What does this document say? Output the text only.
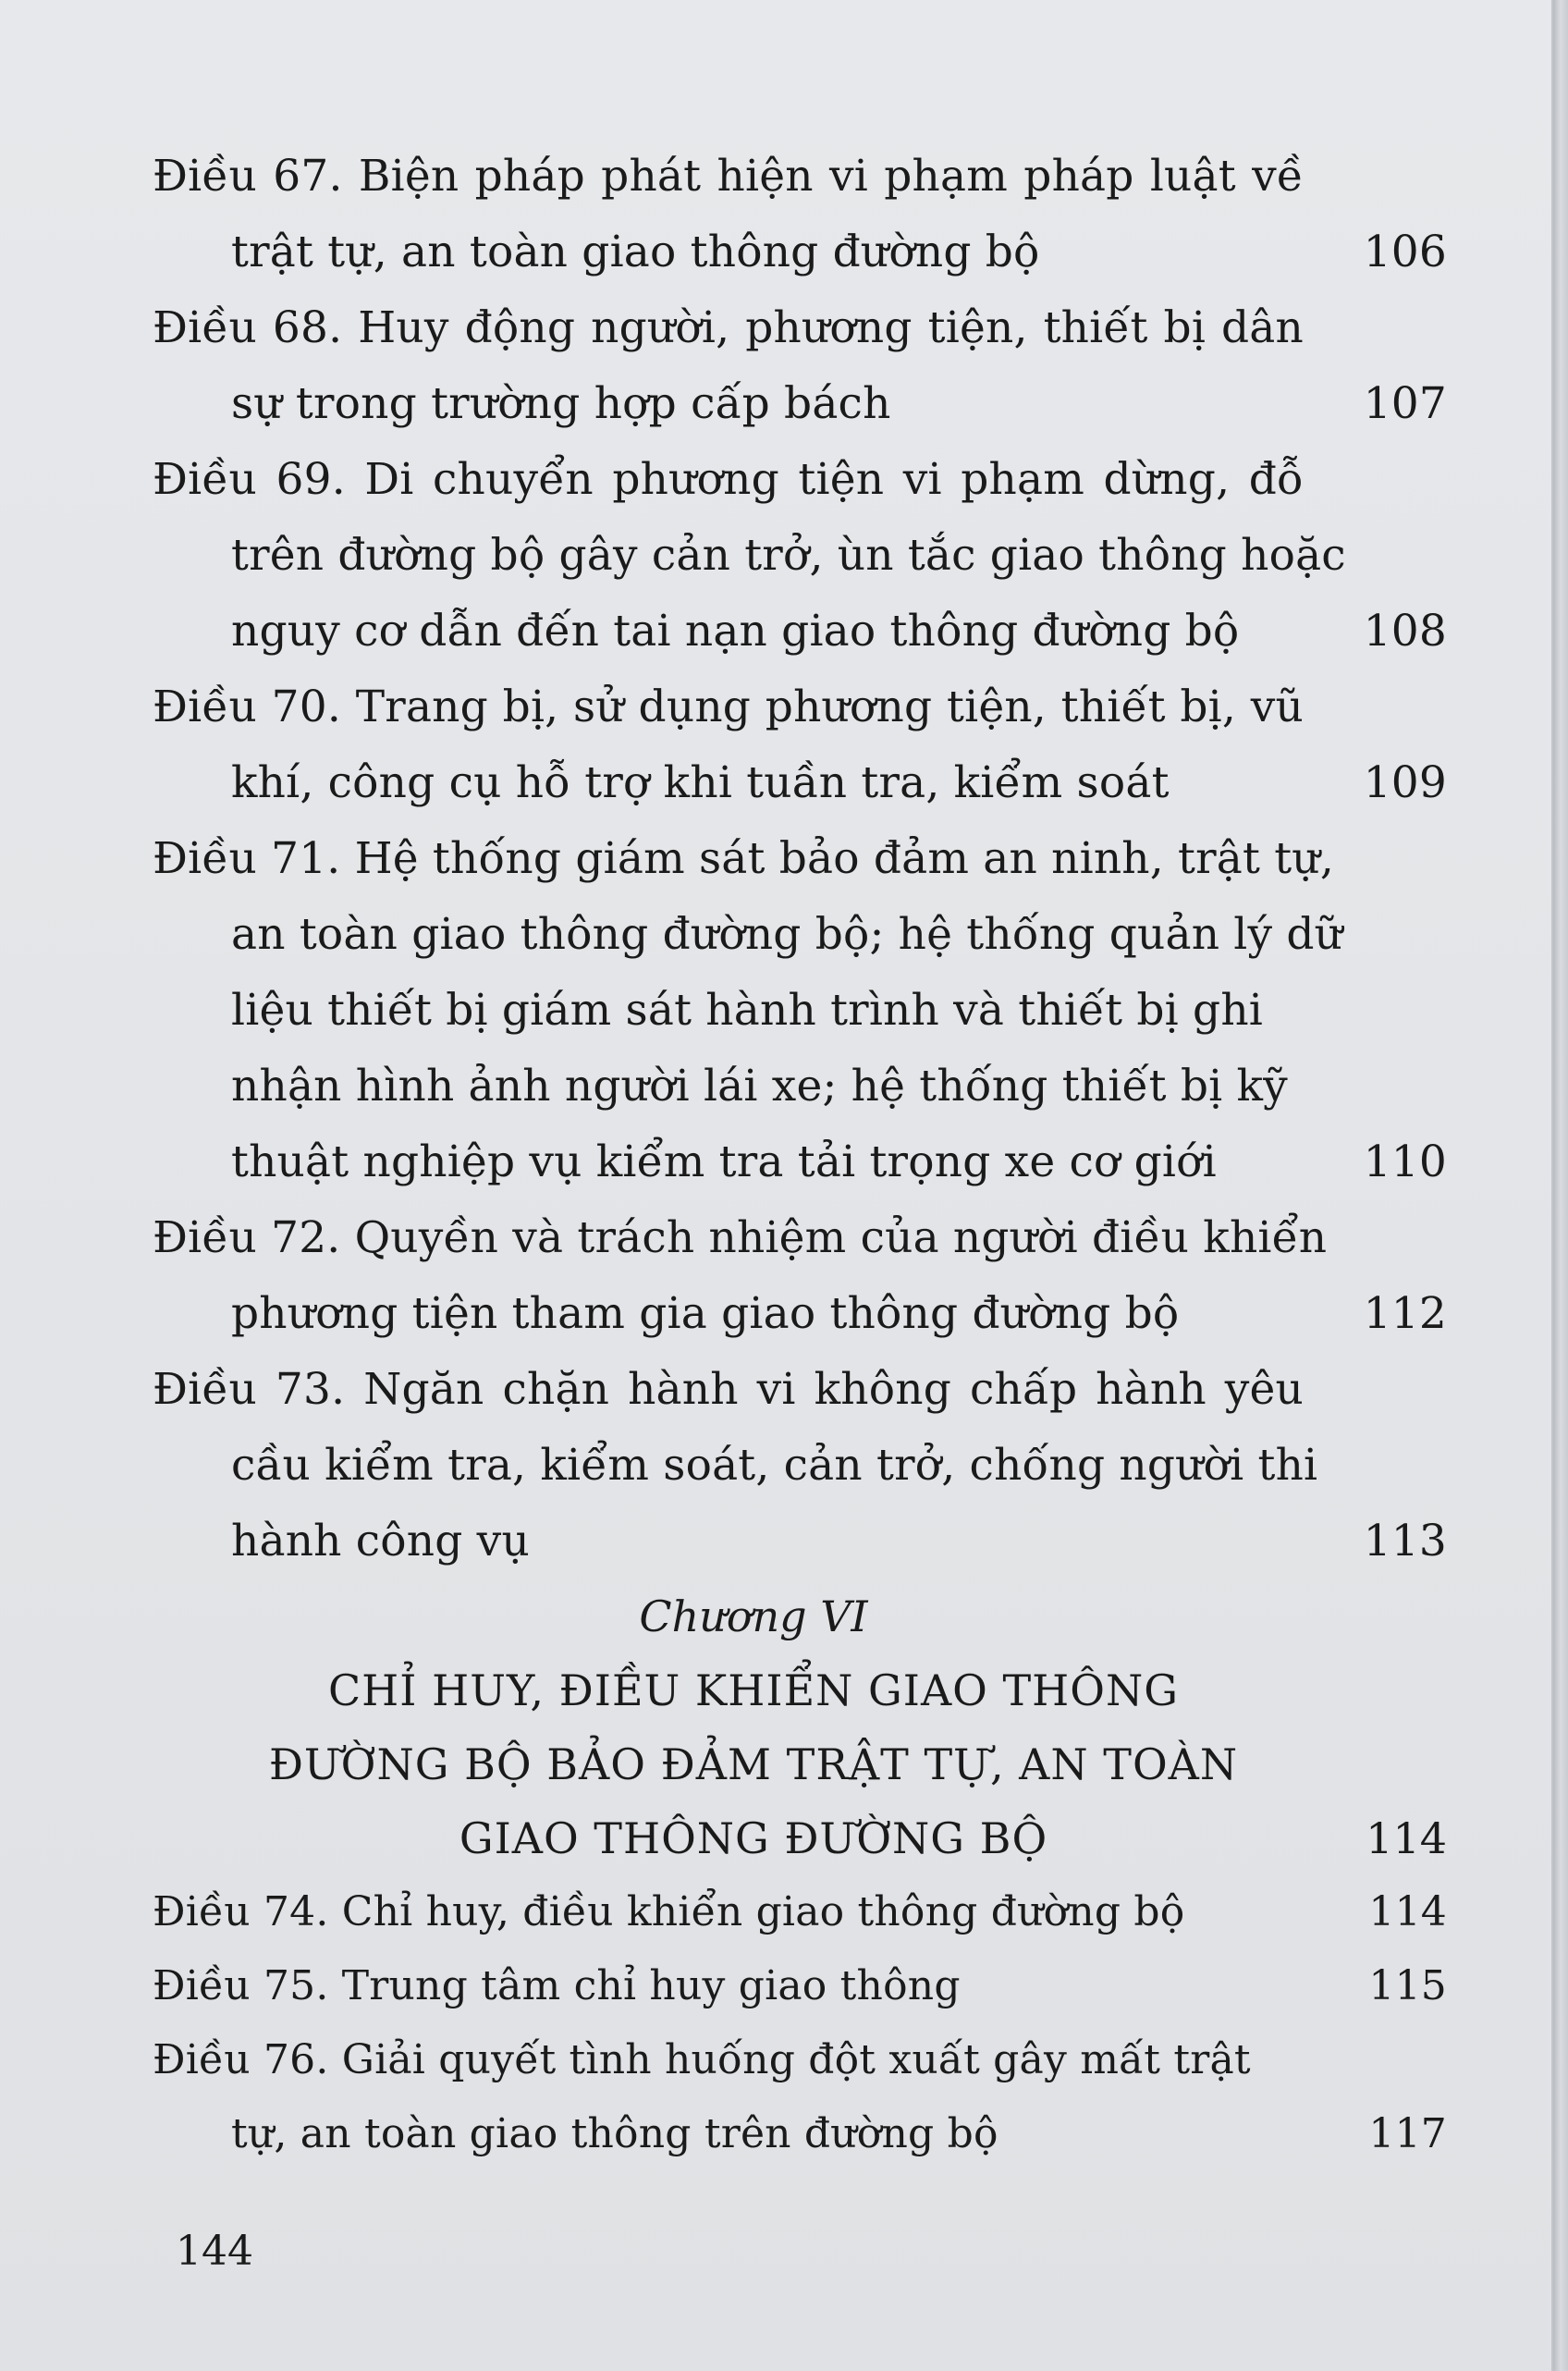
Điều 67. Biện pháp phát hiện vi phạm pháp luật về
trật tự, an toàn giao thông đường bộ	106
Điều 68. Huy động người, phương tiện, thiết bị dân
sự trong trường hợp cấp bách	107
Điều 69. Di chuyển phương tiện vi phạm dừng, đỗ
trên đường bộ gây cản trở, ùn tắc giao thông hoặc
nguy cơ dẫn đến tai nạn giao thông đường bộ	108
Điều 70. Trang bị, sử dụng phương tiện, thiết bị, vũ
khí, công cụ hỗ trợ khi tuần tra, kiểm soát	109
Điều 71. Hệ thống giám sát bảo đảm an ninh, trật tự,
an toàn giao thông đường bộ; hệ thống quản lý dữ
liệu thiết bị giám sát hành trình và thiết bị ghi
nhận hình ảnh người lái xe; hệ thống thiết bị kỹ
thuật nghiệp vụ kiểm tra tải trọng xe cơ giới	110
Điều 72. Quyền và trách nhiệm của người điều khiển
phương tiện tham gia giao thông đường bộ	112
Điều 73. Ngăn chặn hành vi không chấp hành yêu
cầu kiểm tra, kiểm soát, cản trở, chống người thi
hành công vụ	113
Chương VI
CHỈ HUY, ĐIỀU KHIỂN GIAO THÔNG
ĐƯỜNG BỘ BẢO ĐẢM TRẬT TỰ, AN TOÀN
GIAO THÔNG ĐƯỜNG BỘ	114
Điều 74. Chỉ huy, điều khiển giao thông đường bộ	114
Điều 75. Trung tâm chỉ huy giao thông	115
Điều 76. Giải quyết tình huống đột xuất gây mất trật
tự, an toàn giao thông trên đường bộ	117
144
